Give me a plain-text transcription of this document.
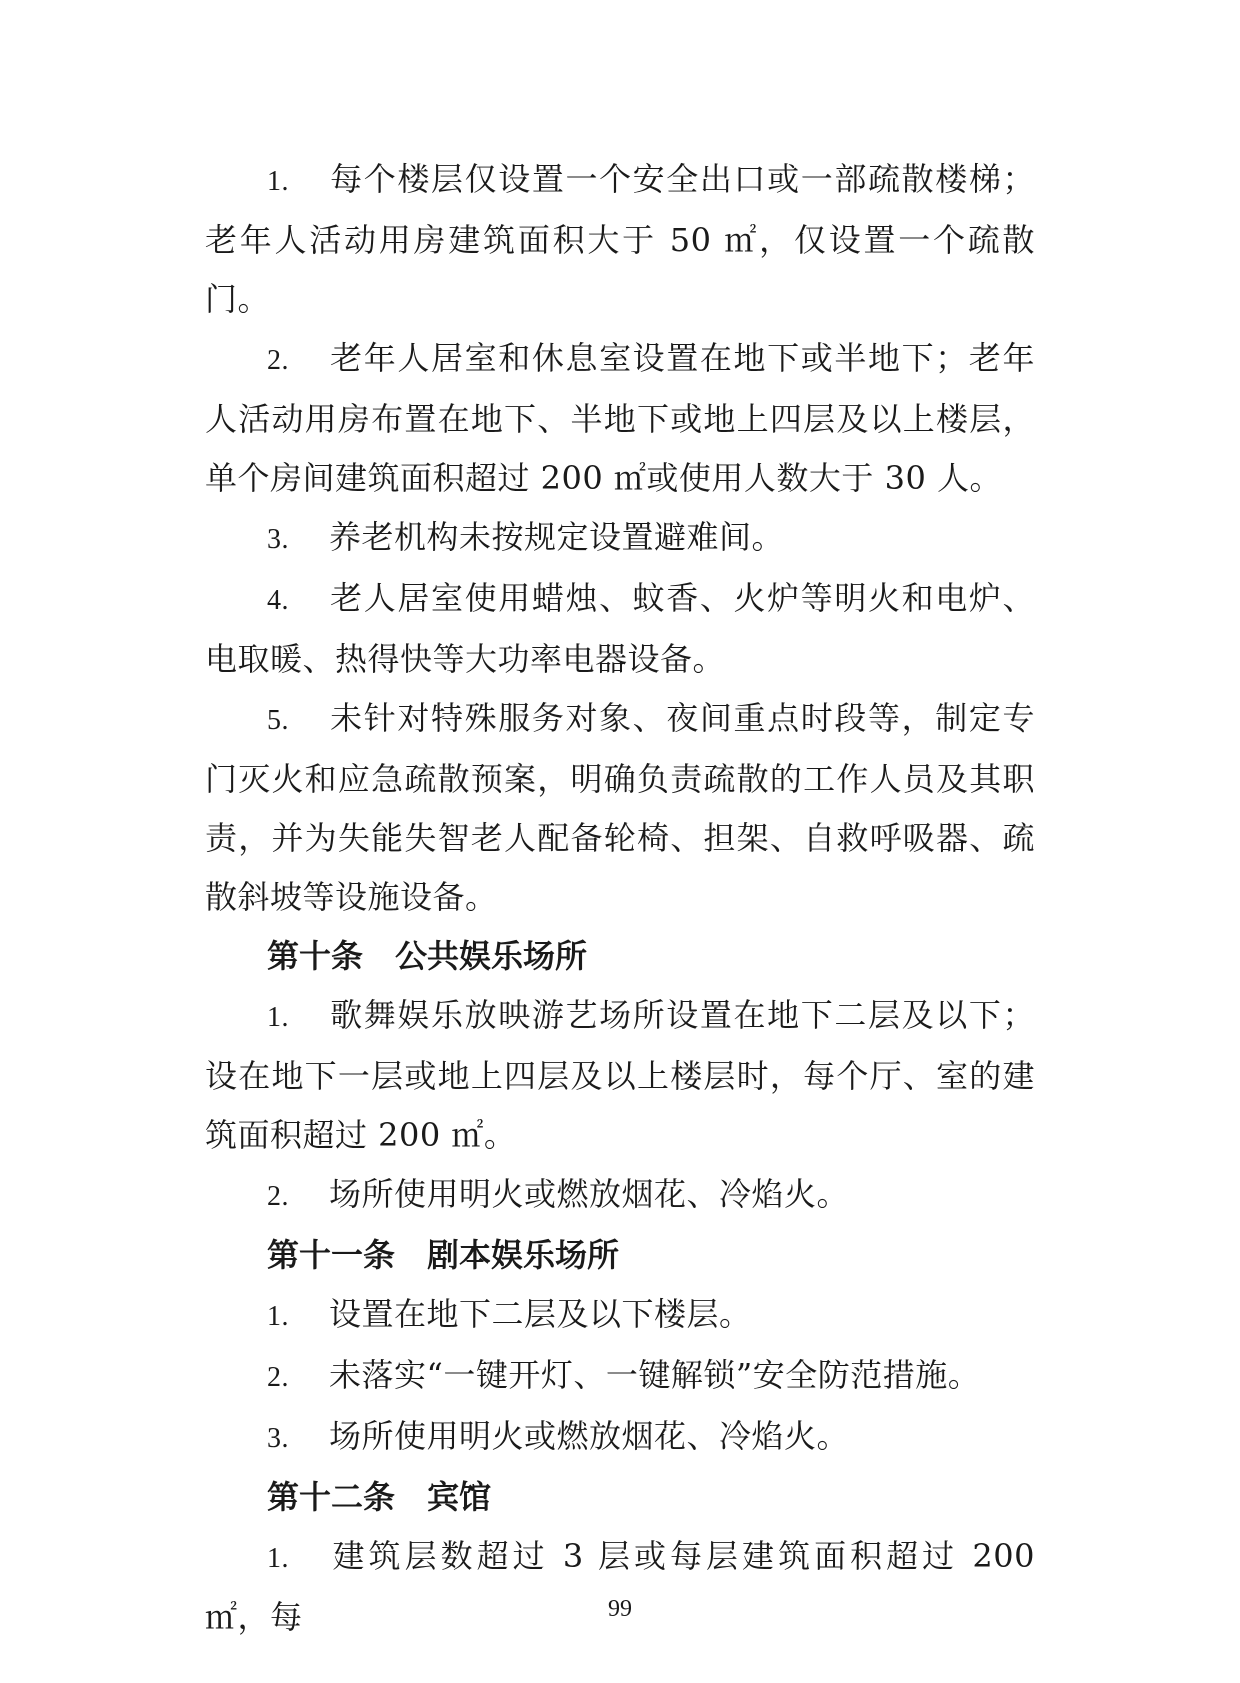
1. 每个楼层仅设置一个安全出口或一部疏散楼梯；老年人活动用房建筑面积大于 50 ㎡，仅设置一个疏散门。

2. 老年人居室和休息室设置在地下或半地下；老年人活动用房布置在地下、半地下或地上四层及以上楼层，单个房间建筑面积超过 200 ㎡或使用人数大于 30 人。

3. 养老机构未按规定设置避难间。

4. 老人居室使用蜡烛、蚊香、火炉等明火和电炉、电取暖、热得快等大功率电器设备。

5. 未针对特殊服务对象、夜间重点时段等，制定专门灭火和应急疏散预案，明确负责疏散的工作人员及其职责，并为失能失智老人配备轮椅、担架、自救呼吸器、疏散斜坡等设施设备。

第十条 公共娱乐场所

1. 歌舞娱乐放映游艺场所设置在地下二层及以下；设在地下一层或地上四层及以上楼层时，每个厅、室的建筑面积超过 200 ㎡。

2. 场所使用明火或燃放烟花、冷焰火。

第十一条 剧本娱乐场所

1. 设置在地下二层及以下楼层。

2. 未落实“一键开灯、一键解锁”安全防范措施。

3. 场所使用明火或燃放烟花、冷焰火。

第十二条 宾馆

1. 建筑层数超过 3 层或每层建筑面积超过 200 ㎡，每	99
